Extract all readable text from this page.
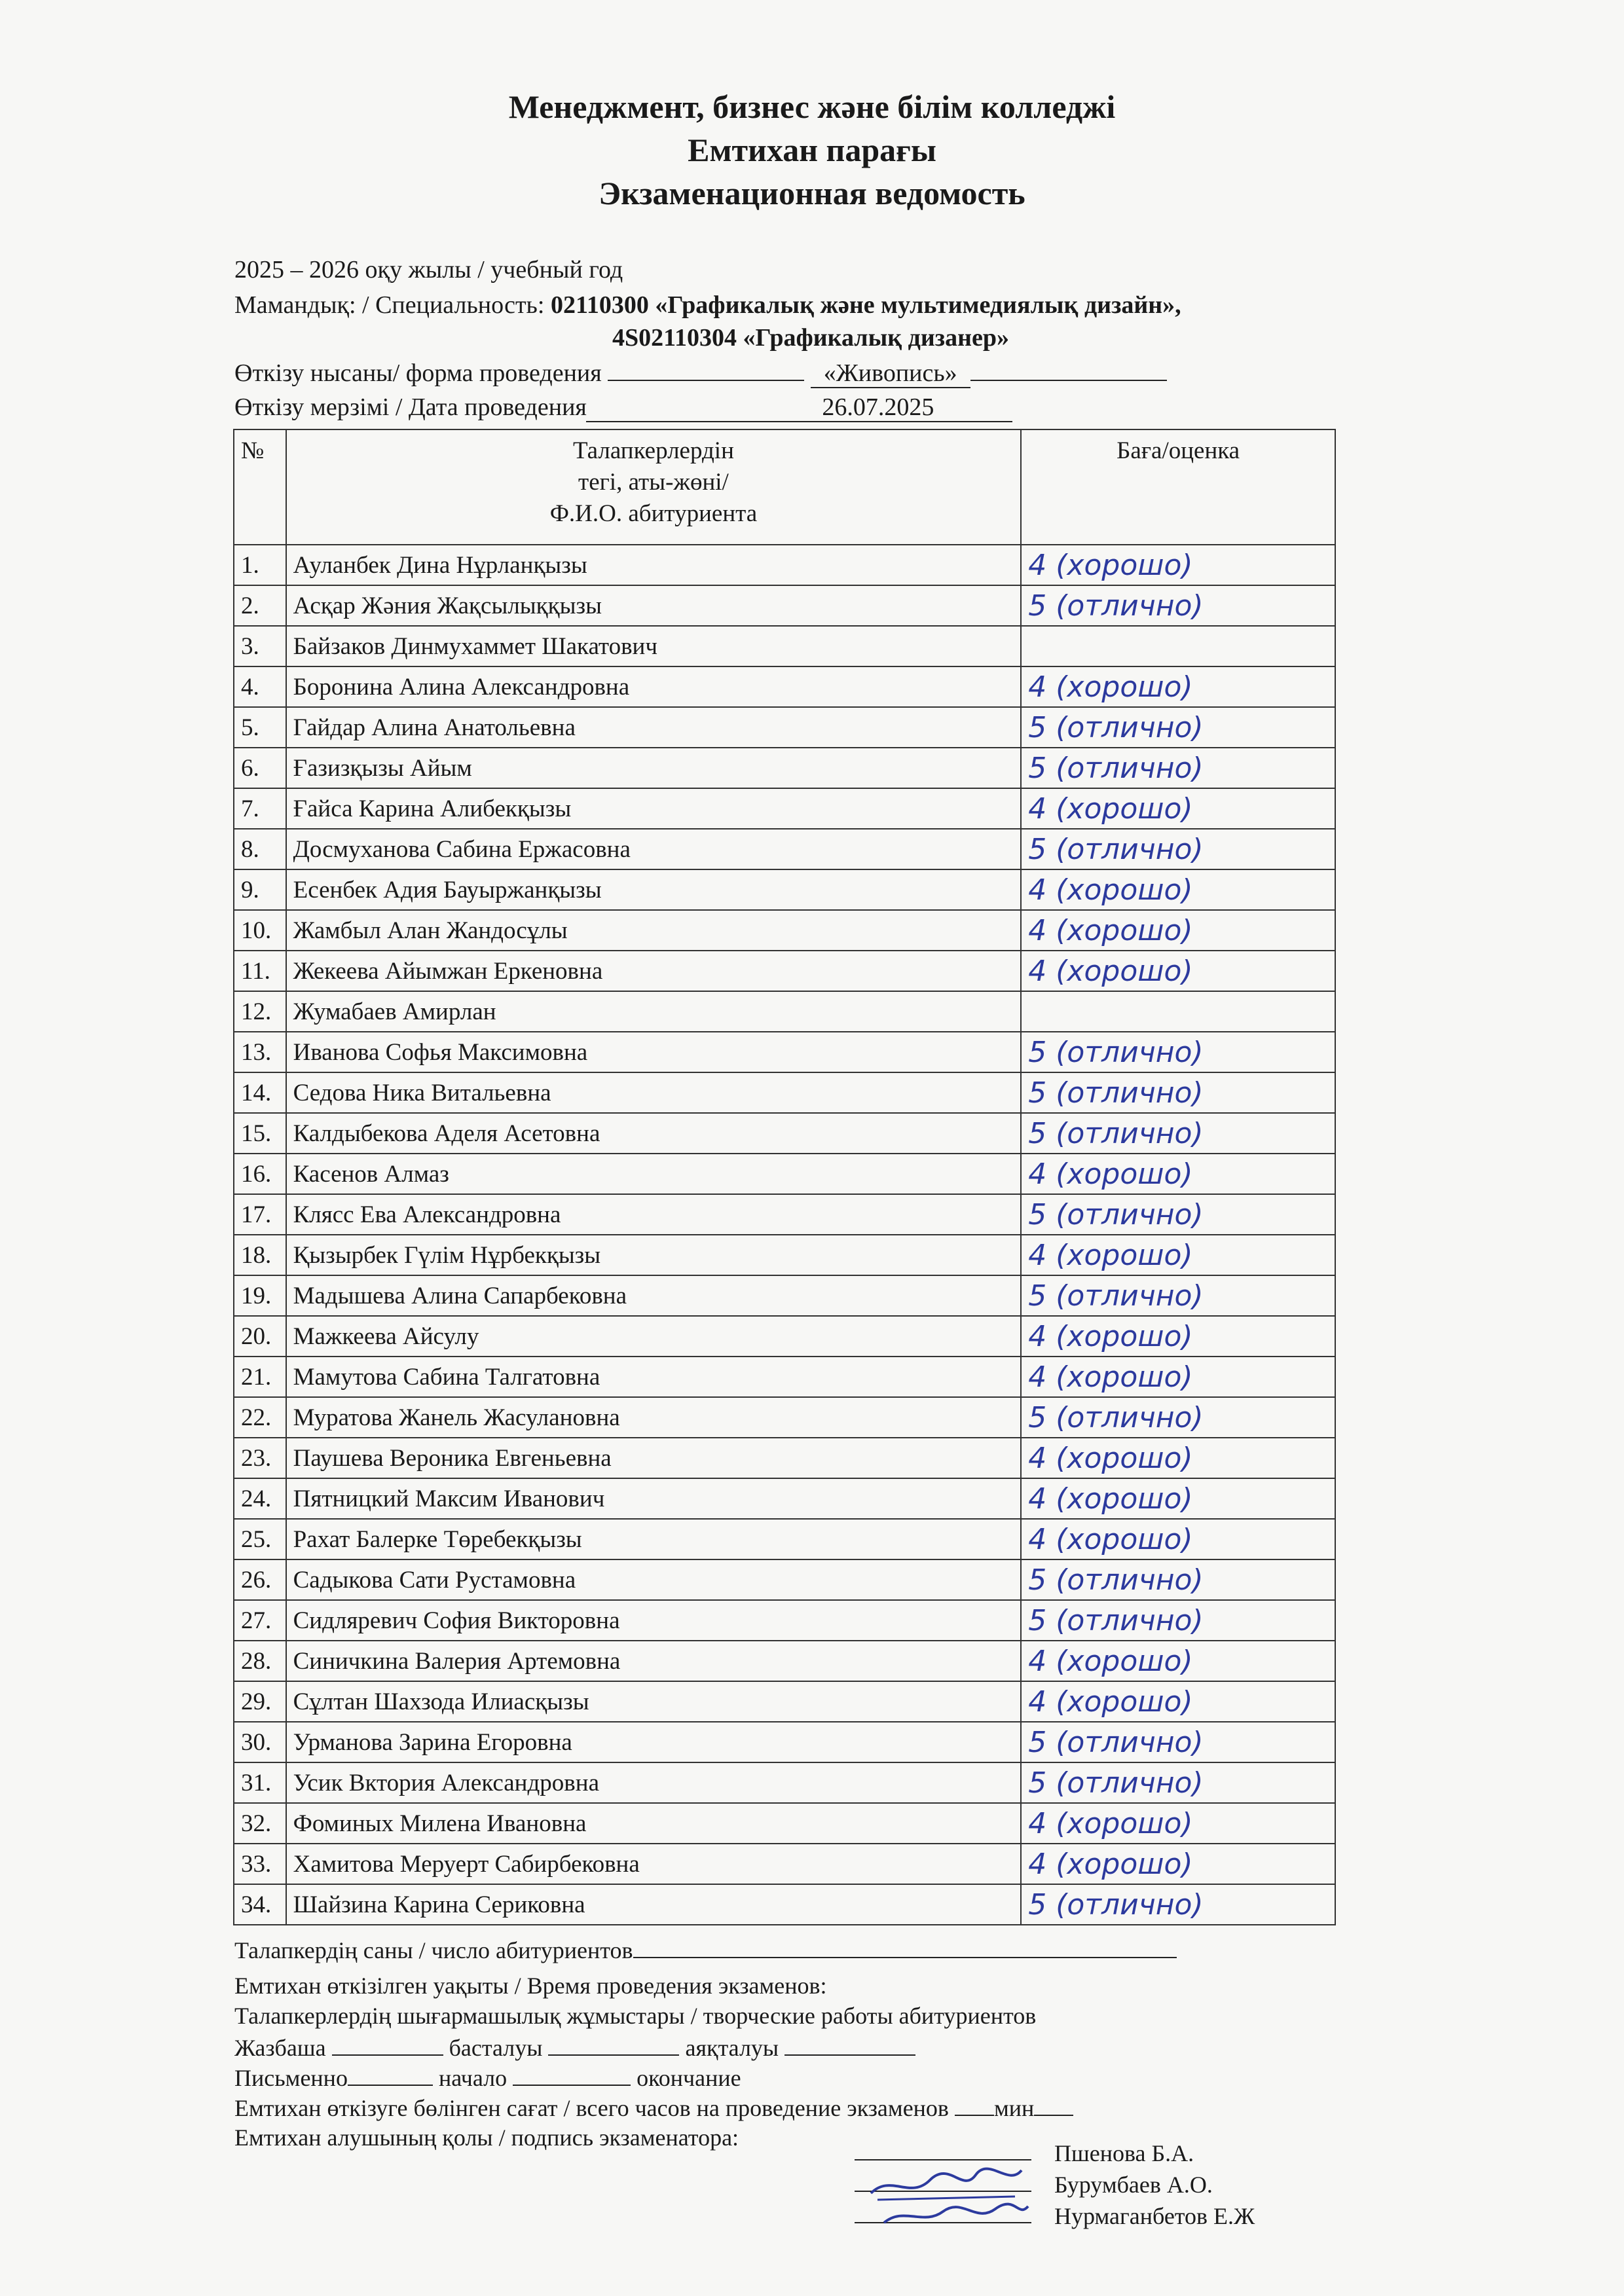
Менеджмент, бизнес және білім колледжі
Емтихан парағы
Экзаменационная ведомость
2025 – 2026 оқу жылы / учебный год
Мамандық: / Специальность: 02110300 «Графикалық және мультимедиялық дизайн»,
4S02110304 «Графикалық дизанер»
Өткізу нысаны/ форма проведения	«Живопись»
Өткізу мерзімі / Дата проведения	26.07.2025
№	Талапкерлердін
тегі, аты-жөні/
Ф.И.О. абитуриента	Баға/оценка
1.	Ауланбек Дина Нұрланқызы	4 (хорошо)
2.	Асқар Жәния Жақсылыққызы	5 (отлично)
3.	Байзаков Динмухаммет Шакатович	
4.	Боронина Алина Александровна	4 (хорошо)
5.	Гайдар Алина Анатольевна	5 (отлично)
6.	Ғазизқызы Айым	5 (отлично)
7.	Ғайса Карина Алибекқызы	4 (хорошо)
8.	Досмуханова Сабина Ержасовна	5 (отлично)
9.	Есенбек Адия Бауыржанқызы	4 (хорошо)
10.	Жамбыл Алан Жандосұлы	4 (хорошо)
11.	Жекеева Айымжан Еркеновна	4 (хорошо)
12.	Жумабаев Амирлан	
13.	Иванова Софья Максимовна	5 (отлично)
14.	Седова Ника Витальевна	5 (отлично)
15.	Калдыбекова Аделя Асетовна	5 (отлично)
16.	Касенов Алмаз	4 (хорошо)
17.	Клясс Ева Александровна	5 (отлично)
18.	Қызырбек Гүлім Нұрбекқызы	4 (хорошо)
19.	Мадышева Алина Сапарбековна	5 (отлично)
20.	Мажкеева Айсулу	4 (хорошо)
21.	Мамутова Сабина Талгатовна	4 (хорошо)
22.	Муратова Жанель Жасулановна	5 (отлично)
23.	Паушева Вероника Евгеньевна	4 (хорошо)
24.	Пятницкий Максим Иванович	4 (хорошо)
25.	Рахат Балерке Төребекқызы	4 (хорошо)
26.	Садыкова Сати Рустамовна	5 (отлично)
27.	Сидляревич София Викторовна	5 (отлично)
28.	Синичкина Валерия Артемовна	4 (хорошо)
29.	Сұлтан Шахзода Илиасқызы	4 (хорошо)
30.	Урманова Зарина Егоровна	5 (отлично)
31.	Усик Вктория Александровна	5 (отлично)
32.	Фоминых Милена Ивановна	4 (хорошо)
33.	Хамитова Меруерт Сабирбековна	4 (хорошо)
34.	Шайзина Карина Сериковна	5 (отлично)
Талапкердің саны / число абитуриентов
Емтихан өткізілген уақыты / Время проведения экзаменов:
Талапкерлердің шығармашылық жұмыстары / творческие работы абитуриентов
Жазбаша	басталуы	аяқталуы
Письменно	начало	окончание
Емтихан өткізуге бөлінген сағат / всего часов на проведение экзаменов мин
Емтихан алушының қолы / подпись экзаменатора:
Пшенова Б.А.
Бурумбаев А.О.
Нурмаганбетов Е.Ж
